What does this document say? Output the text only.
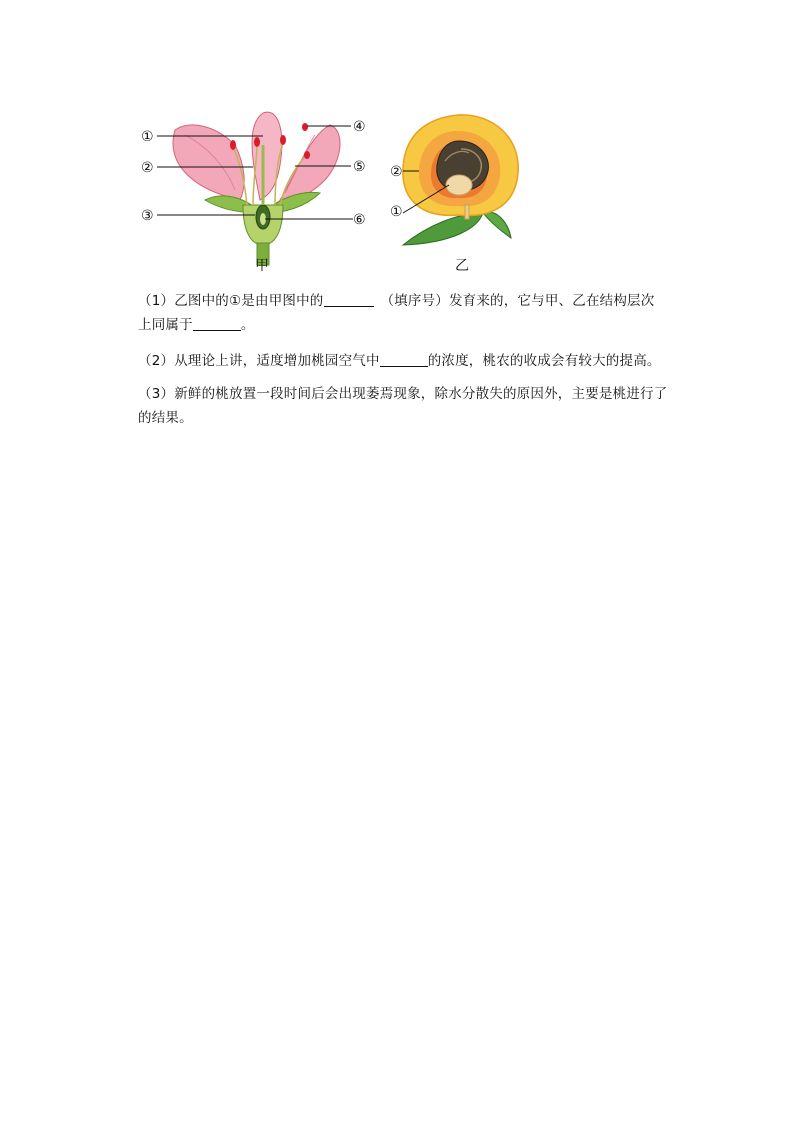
①
②
③
④
⑤
⑥
甲
②
①
乙
（1）乙图中的①是由甲图中的	　（填序号）发育来的，它与甲、乙在结构层次
上同属于	。
（2）从理论上讲，适度增加桃园空气中	的浓度，桃农的收成会有较大的提高。
（3）新鲜的桃放置一段时间后会出现萎焉现象，除水分散失的原因外，主要是桃进行了
的结果。
